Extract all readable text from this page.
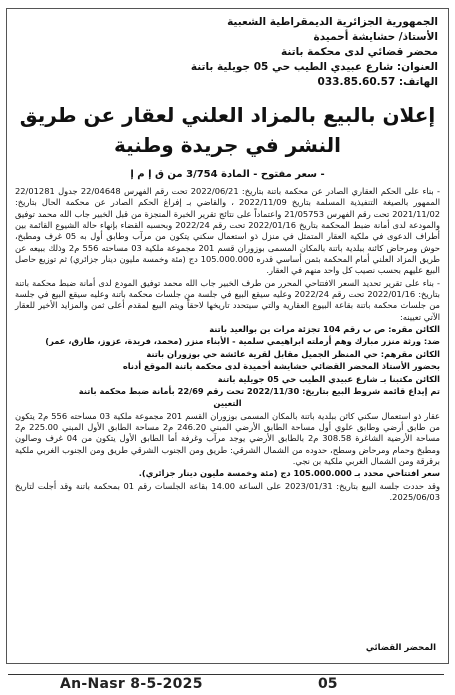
الجمهورية الجزائرية الديمقراطية الشعبية
الأستاذ/ حشايشة أحميدة
محضر قضائي لدى محكمة باتنة
العنوان: شارع عبيدي الطيب حي 05 جويلية باتنة
الهاتف: 033.85.60.57
إعلان بالبيع بالمزاد العلني لعقار عن طريق النشر في جريدة وطنية
- سعر مفتوح - المادة 3/754 من ق إ م إ

- بناء على الحكم العقاري الصادر عن محكمة باتنة بتاريخ: 2022/06/21 تحت رقم الفهرس 22/04648 جدول 22/01281 الممهور بالصيغة التنفيذية المسلمة بتاريخ 2022/11/09 ، والقاضي بـ إفراغ الحكم الصادر عن محكمة الحال بتاريخ: 2021/11/02 تحت رقم الفهرس 21/05753 واعتماداً على نتائج تقرير الخبرة المنجزة من قبل الخبير جاب الله محمد توفيق والمودعة لدى أمانة ضبط المحكمة بتاريخ 2022/01/16 تحت رقم 2022/24 وبحسبه القضاء بإنهاء حالة الشيوع القائمة بين أطراف الدعوى في ملكية العقار المتمثل في منزل ذو استعمال سكني يتكون من مرآب وطابق أول به 05 غرف ومطبخ، حوش ومرحاض كائنة ببلدية باتنة بالمكان المسمى بوزوران قسم 201 مجموعة ملكية 03 مساحته 556 م2 وذلك ببيعه عن طريق المزاد العلني أمام المحكمة بثمن أساسي قدره 105.000.000 دج (مئة وخمسة مليون دينار جزائري) ثم توزيع حاصل البيع عليهم بحسب نصيب كل واحد منهم في العقار.

- بناء على تقرير تحديد السعر الافتتاحي المحرر من طرف الخبير جاب الله محمد توفيق المودع لدى أمانة ضبط محكمة باتنة بتاريخ: 2022/01/16 تحت رقم 2022/24 وعليه سيقع البيع في جلسة من جلسات محكمة باتنة وعليه سيقع البيع في جلسة من جلسات محكمة باتنة بقاعة البيوع العقارية والتي سيتحدد تاريخها لاحقاً ويتم البيع لمقدم أعلى ثمن والمزايد الأخير للعقار الآتي تعيينه:

الكائن مقره: ص ب رقم 104 تجزئة مرات بن بوالعيد باتنة

ضد: ورثة منزر مبارك وهم أرملته ابراهيمي سلمية - الأبناء منزر (محمد، فريدة، عزوز، طارق، عمر)

الكائن مقرهم: حي المنظر الجميل مقابل لقرية عائشة حي بوزوران باتنة

بحضور الأستاذ المحضر القضائي حشايشة أحميدة لدى محكمة باتنة الموقع أدناه

الكائن مكتبنا بـ شارع عبيدي الطيب حي 05 جويلية باتنة

تم إيداع قائمة شروط البيع بتاريخ: 2022/11/30 تحت رقم 22/69 بأمانة ضبط محكمة باتنة

التعيين

عقار ذو استعمال سكني كائن ببلدية باتنة بالمكان المسمى بوزوران القسم 201 مجموعة ملكية 03 مساحته 556 م2 يتكون من طابق أرضي وطابق علوي أول مساحة الطابق الأرضي المبني 246.20 م2 مساحة الطابق الأول المبني 225.00 م2 مساحة الأرضية الشاغرة 308.58 م2 بالطابق الأرضي يوجد مرآب وغرفة أما الطابق الأول يتكون من 04 غرف وصالون ومطبخ وحمام ومرحاض وسطح، حدوده من الشمال الشرقي: طريق ومن الجنوب الشرقي طريق ومن الجنوب الغربي ملكية برقرقة ومن الشمال الغربي ملكية بن نجي.

سعر افتتاحي محدد بـ 105.000.000 دج (مئة وخمسة مليون دينار جزائري).

وقد حددت جلسة البيع بتاريخ: 2023/01/31 على الساعة 14.00 بقاعة الجلسات رقم 01 بمحكمة باتنة وقد أجلت لتاريخ 2025/06/03.

المحضر القضائي
An-Nasr 8-5-2025	05
